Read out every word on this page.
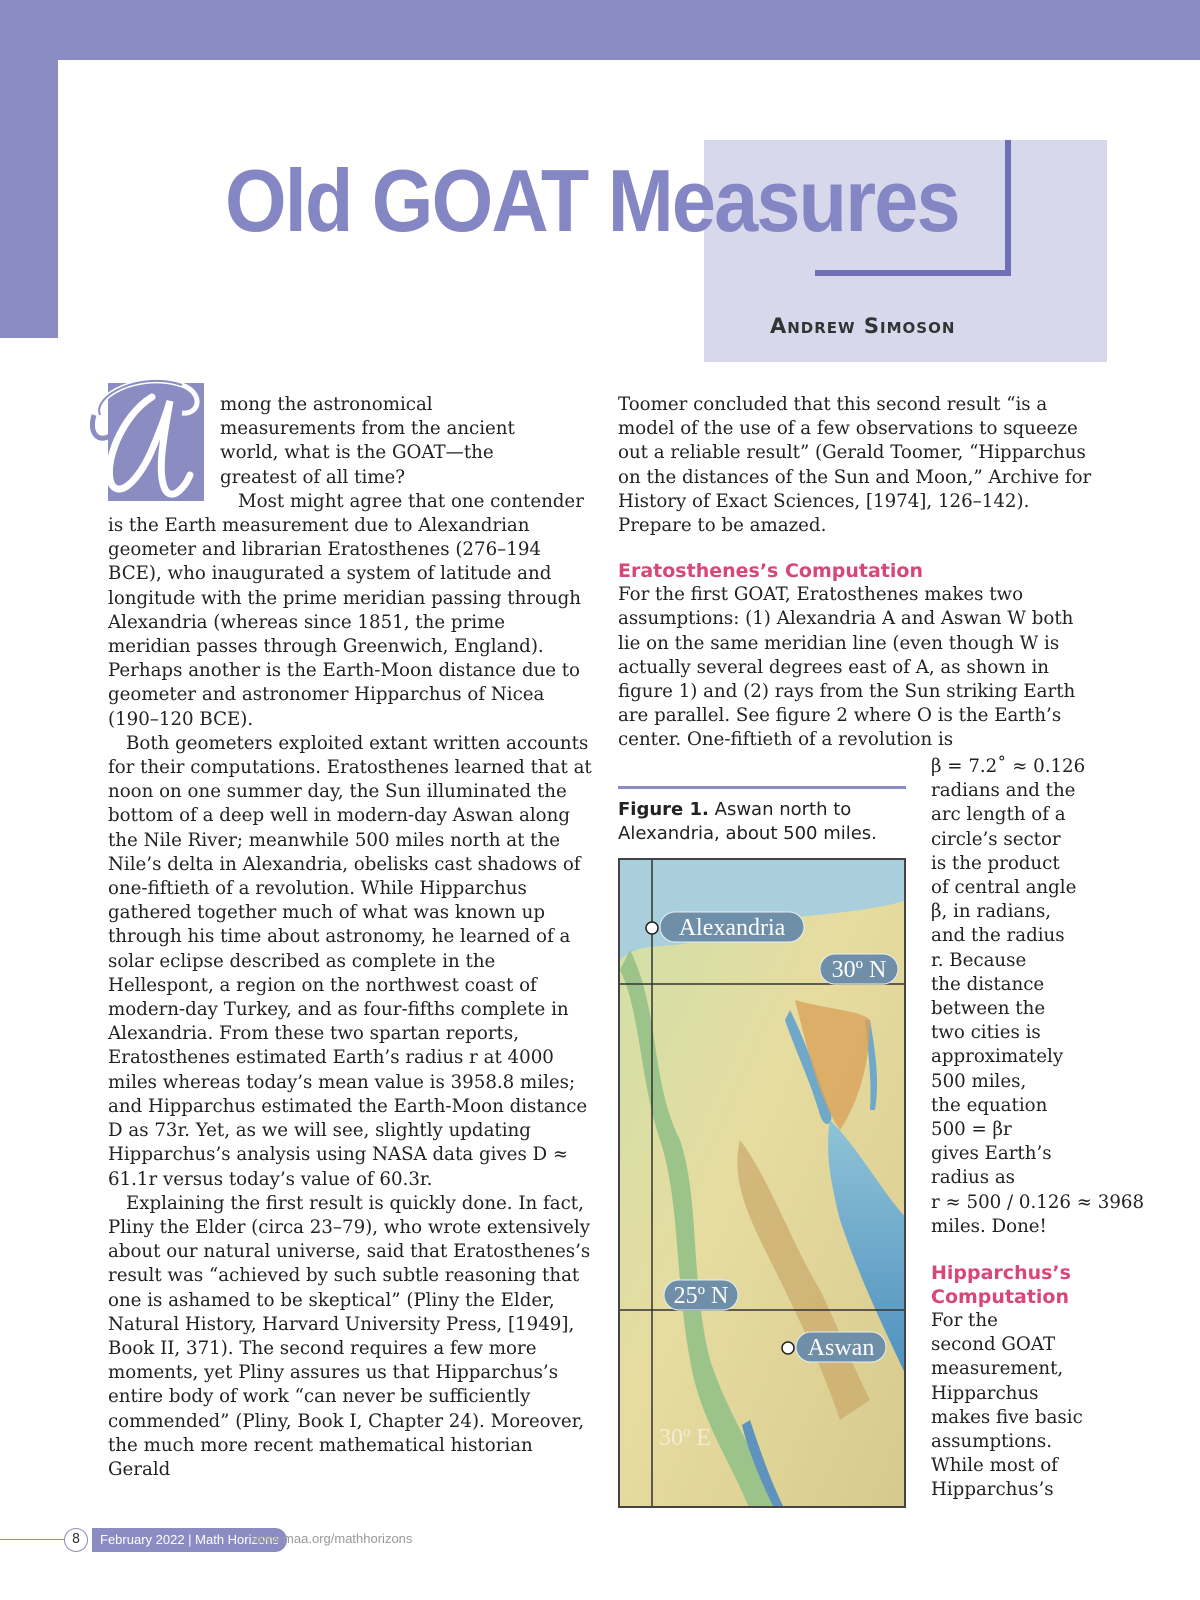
Old GOAT Measures
Andrew Simoson
mong the astronomical
measurements from the ancient
world, what is the GOAT—the
greatest of all time?

Most might agree that one contender is the Earth measurement due to Alexandrian geometer and librarian Eratosthenes (276–194 BCE), who inaugurated a system of latitude and longitude with the prime meridian passing through Alexandria (whereas since 1851, the prime meridian passes through Greenwich, England). Perhaps another is the Earth-Moon distance due to geometer and astronomer Hipparchus of Nicea (190–120 BCE).

Both geometers exploited extant written accounts for their computations. Eratosthenes learned that at noon on one summer day, the Sun illuminated the bottom of a deep well in modern-day Aswan along the Nile River; meanwhile 500 miles north at the Nile’s delta in Alexandria, obelisks cast shadows of one-fiftieth of a revolution. While Hipparchus gathered together much of what was known up through his time about astronomy, he learned of a solar eclipse described as complete in the Hellespont, a region on the northwest coast of modern-day Turkey, and as four-fifths complete in Alexandria. From these two spartan reports, Eratosthenes estimated Earth’s radius r at 4000 miles whereas today’s mean value is 3958.8 miles; and Hipparchus estimated the Earth-Moon distance D as 73r. Yet, as we will see, slightly updating Hipparchus’s analysis using NASA data gives D ≈ 61.1r versus today’s value of 60.3r.

Explaining the first result is quickly done. In fact, Pliny the Elder (circa 23–79), who wrote extensively about our natural universe, said that Eratosthenes’s result was “achieved by such subtle reasoning that one is ashamed to be skeptical” (Pliny the Elder, Natural History, Harvard University Press, [1949], Book II, 371). The second requires a few more moments, yet Pliny assures us that Hipparchus’s entire body of work “can never be sufficiently commended” (Pliny, Book I, Chapter 24). Moreover, the much more recent mathematical historian Gerald

Toomer concluded that this second result “is a model of the use of a few observations to squeeze out a reliable result” (Gerald Toomer, “Hipparchus on the distances of the Sun and Moon,” Archive for History of Exact Sciences, [1974], 126–142). Prepare to be amazed.

Eratosthenes’s Computation

For the first GOAT, Eratosthenes makes two assumptions: (1) Alexandria A and Aswan W both lie on the same meridian line (even though W is actually several degrees east of A, as shown in figure 1) and (2) rays from the Sun striking Earth are parallel. See figure 2 where O is the Earth’s center. One-fiftieth of a revolution is

Figure 1. Aswan north to Alexandria, about 500 miles.
Alexandria
30º N
25º N
Aswan
30º E
β = 7.2˚ ≈ 0.126
radians and the
arc length of a
circle’s sector
is the product
of central angle
β, in radians,
and the radius
r. Because
the distance
between the
two cities is
approximately
500 miles,
the equation
500 = βr
gives Earth’s
radius as
r ≈ 500 / 0.126 ≈ 3968
miles. Done!
Hipparchus’s
Computation
For the
second GOAT
measurement,
Hipparchus
makes five basic
assumptions.
While most of
Hipparchus’s
8	February 2022 | Math Horizons
www.maa.org/mathhorizons
